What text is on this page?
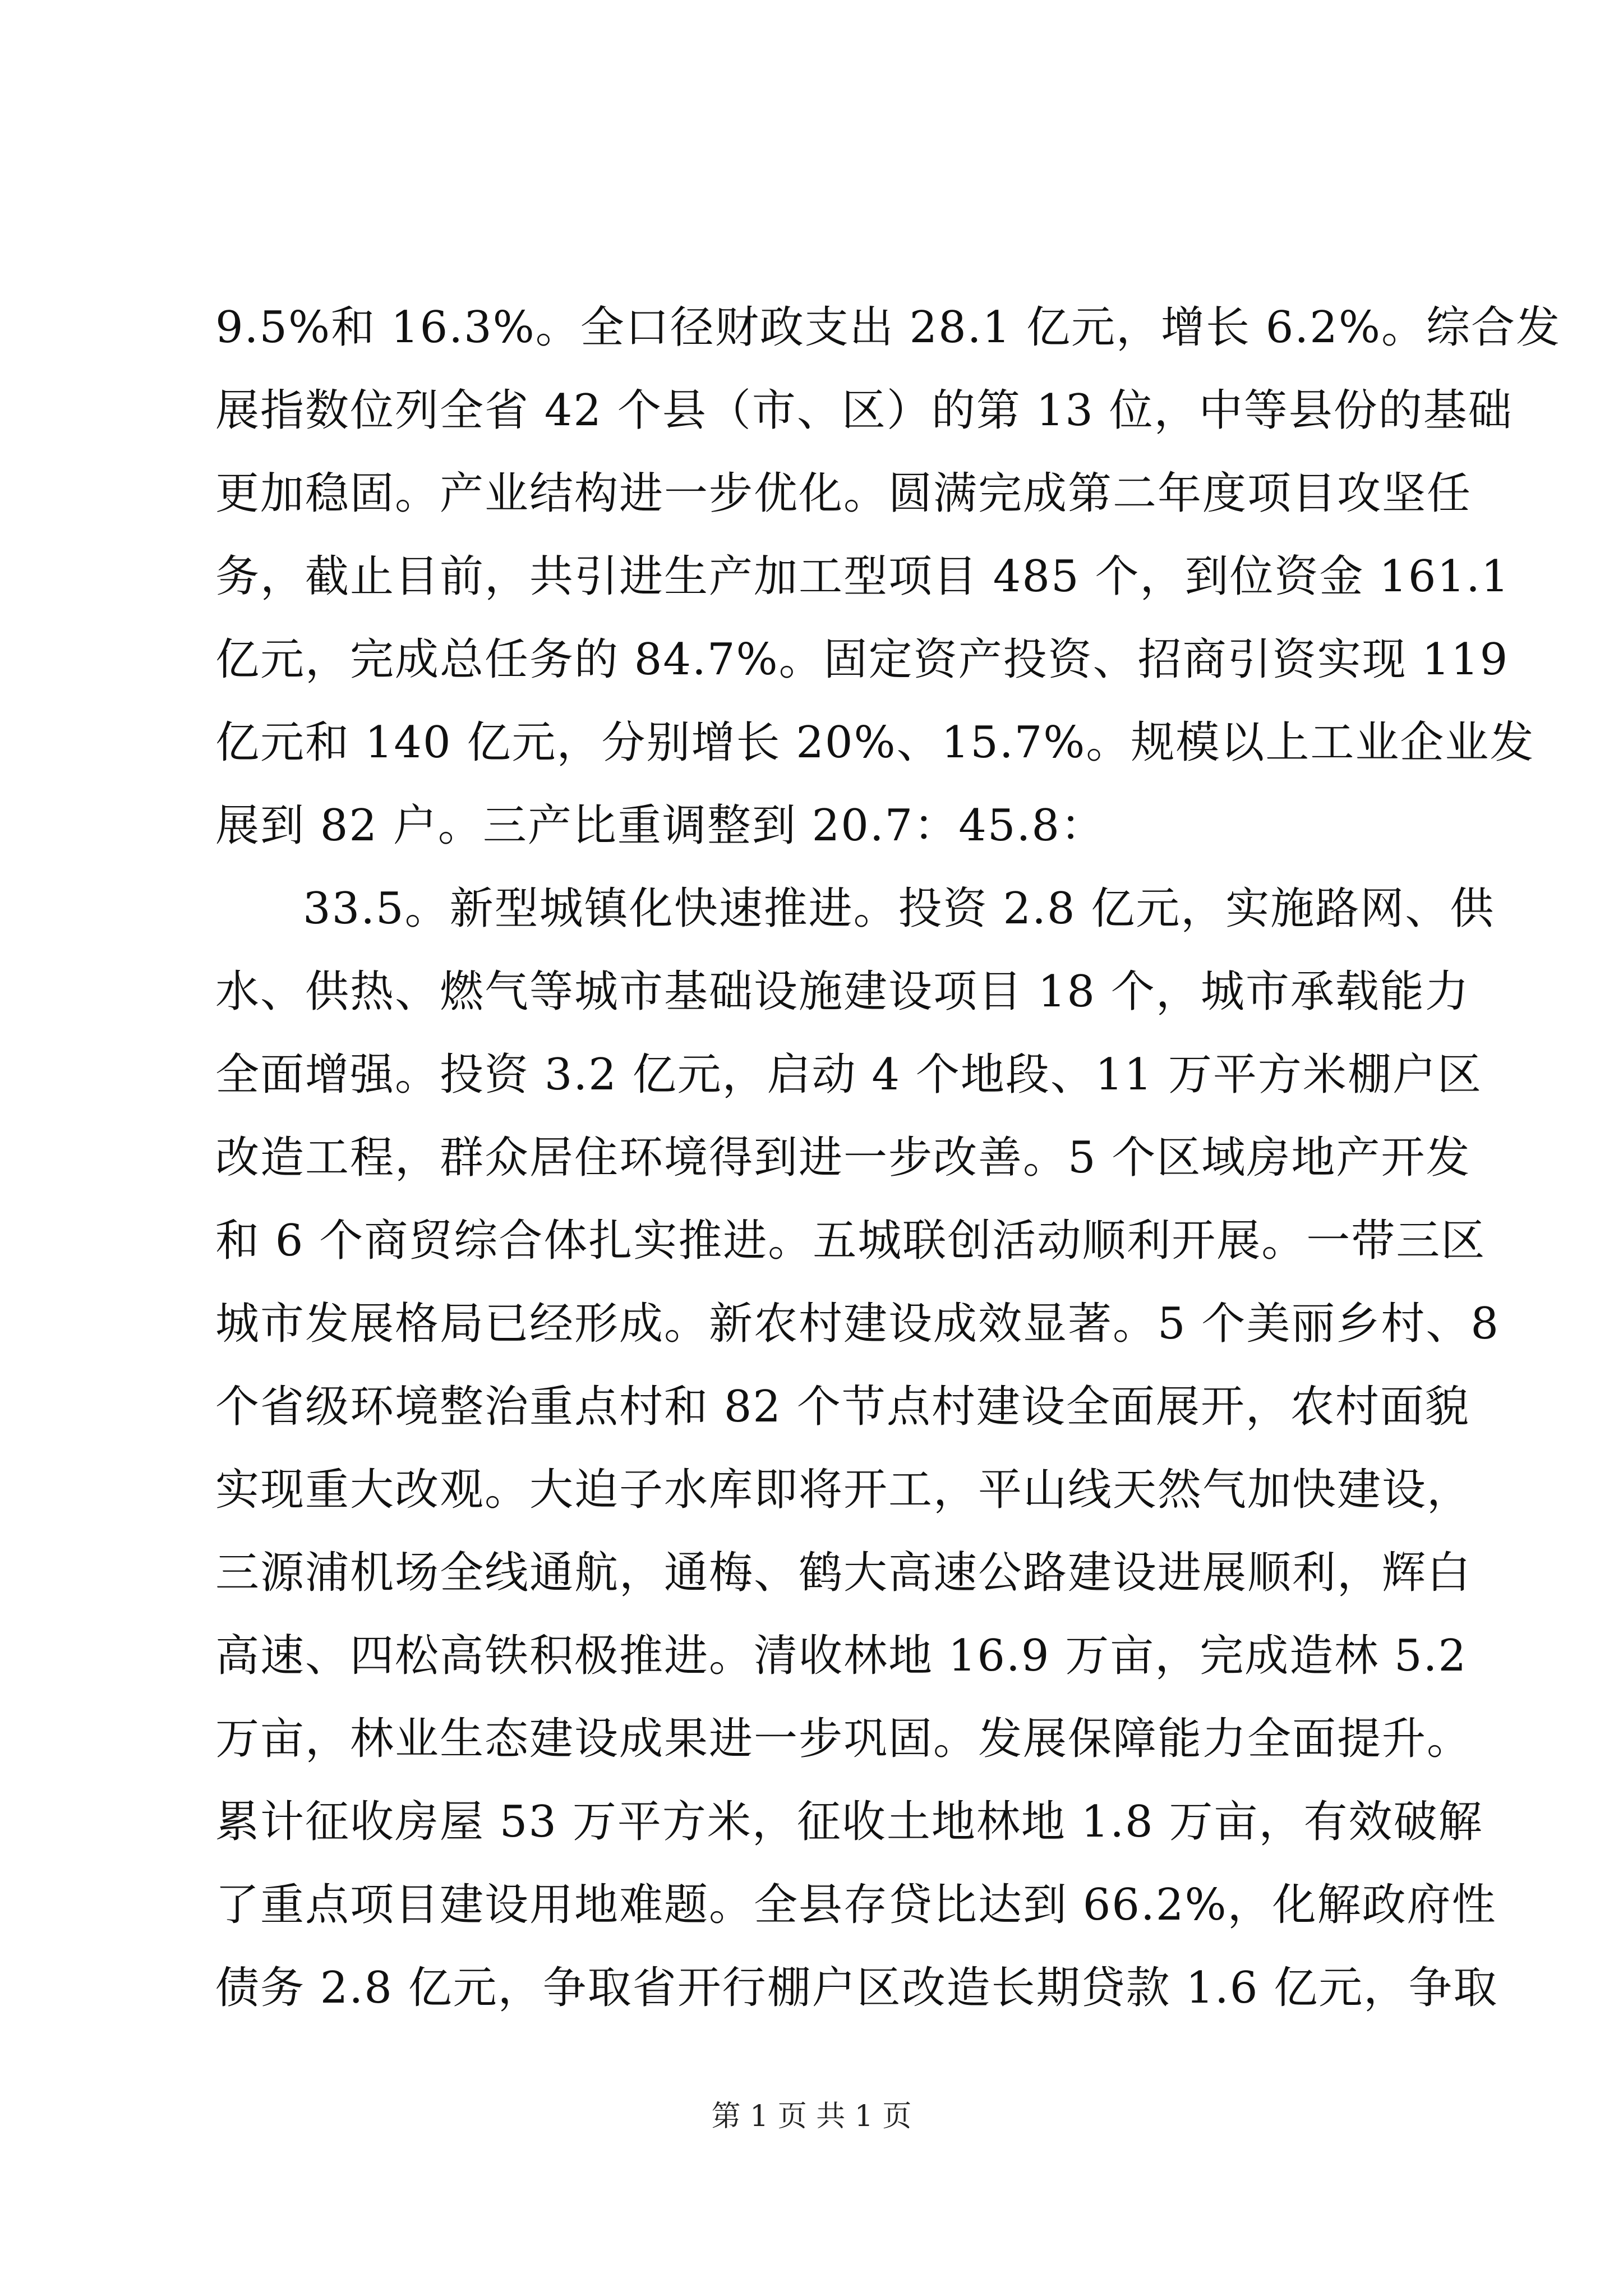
9.5%和 16.3%。全口径财政支出 28.1 亿元，增长 6.2%。综合发
展指数位列全省 42 个县（市、区）的第 13 位，中等县份的基础
更加稳固。产业结构进一步优化。圆满完成第二年度项目攻坚任
务，截止目前，共引进生产加工型项目 485 个，到位资金 161.1
亿元，完成总任务的 84.7%。固定资产投资、招商引资实现 119
亿元和 140 亿元，分别增长 20%、15.7%。规模以上工业企业发
展到 82 户。三产比重调整到 20.7：45.8：
33.5。新型城镇化快速推进。投资 2.8 亿元，实施路网、供
水、供热、燃气等城市基础设施建设项目 18 个，城市承载能力
全面增强。投资 3.2 亿元，启动 4 个地段、11 万平方米棚户区
改造工程，群众居住环境得到进一步改善。5 个区域房地产开发
和 6 个商贸综合体扎实推进。五城联创活动顺利开展。一带三区
城市发展格局已经形成。新农村建设成效显著。5 个美丽乡村、8
个省级环境整治重点村和 82 个节点村建设全面展开，农村面貌
实现重大改观。大迫子水库即将开工，平山线天然气加快建设，
三源浦机场全线通航，通梅、鹤大高速公路建设进展顺利，辉白
高速、四松高铁积极推进。清收林地 16.9 万亩，完成造林 5.2
万亩，林业生态建设成果进一步巩固。发展保障能力全面提升。
累计征收房屋 53 万平方米，征收土地林地 1.8 万亩，有效破解
了重点项目建设用地难题。全县存贷比达到 66.2%，化解政府性
债务 2.8 亿元，争取省开行棚户区改造长期贷款 1.6 亿元，争取
第 1 页 共 1 页
